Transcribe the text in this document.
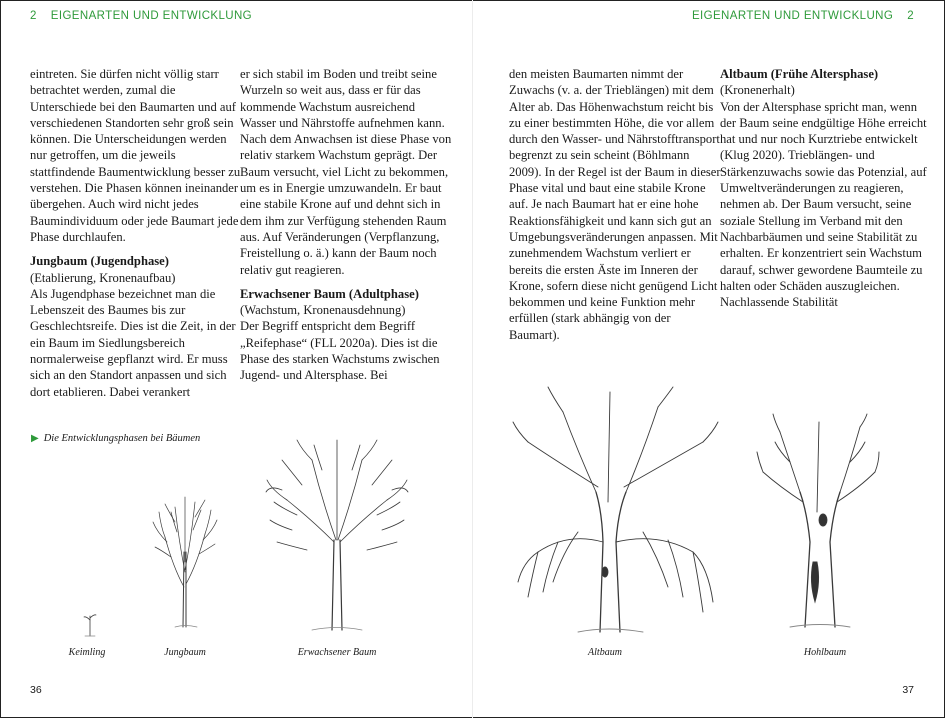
2 EIGENARTEN UND ENTWICKLUNG	EIGENARTEN UND ENTWICKLUNG 2

eintreten. Sie dürfen nicht völlig starr betrachtet werden, zumal die Unterschiede bei den Baumarten und auf verschiedenen Standorten sehr groß sein können. Die Unterscheidungen werden nur getroffen, um die jeweils stattfindende Baumentwicklung besser zu verstehen. Die Phasen können ineinander übergehen. Auch wird nicht jedes Baumindividuum oder jede Baumart jede Phase durchlaufen.

Jungbaum (Jugendphase)

(Etablierung, Kronenaufbau)

Als Jugendphase bezeichnet man die Lebenszeit des Baumes bis zur Geschlechtsreife. Dies ist die Zeit, in der ein Baum im Siedlungsbereich normalerweise gepflanzt wird. Er muss sich an den Standort anpassen und sich dort etablieren. Dabei verankert

er sich stabil im Boden und treibt seine Wurzeln so weit aus, dass er für das kommende Wachstum ausreichend Wasser und Nährstoffe aufnehmen kann. Nach dem Anwachsen ist diese Phase von relativ starkem Wachstum geprägt. Der Baum versucht, viel Licht zu bekommen, um es in Energie umzuwandeln. Er baut eine stabile Krone auf und dehnt sich in dem ihm zur Verfügung stehenden Raum aus. Auf Veränderungen (Verpflanzung, Freistellung o. ä.) kann der Baum noch relativ gut reagieren.

Erwachsener Baum (Adultphase)

(Wachstum, Kronenausdehnung)

Der Begriff entspricht dem Begriff „Reifephase“ (FLL 2020a). Dies ist die Phase des starken Wachstums zwischen Jugend- und Altersphase. Bei

den meisten Baumarten nimmt der Zuwachs (v. a. der Trieblängen) mit dem Alter ab. Das Höhenwachstum reicht bis zu einer bestimmten Höhe, die vor allem durch den Wasser- und Nährstofftransport begrenzt zu sein scheint (Böhlmann 2009). In der Regel ist der Baum in dieser Phase vital und baut eine stabile Krone auf. Je nach Baumart hat er eine hohe Reaktionsfähigkeit und kann sich gut an Umgebungsveränderungen anpassen. Mit zunehmendem Wachstum verliert er bereits die ersten Äste im Inneren der Krone, sofern diese nicht genügend Licht bekommen und keine Funktion mehr erfüllen (stark abhängig von der Baumart).

Altbaum (Frühe Altersphase)

(Kronenerhalt)

Von der Altersphase spricht man, wenn der Baum seine endgültige Höhe erreicht hat und nur noch Kurztriebe entwickelt (Klug 2020). Trieblängen- und Stärkenzuwachs sowie das Potenzial, auf Umweltveränderungen zu reagieren, nehmen ab. Der Baum versucht, seine soziale Stellung im Verband mit den Nachbarbäumen und seine Stabilität zu erhalten. Er konzentriert sein Wachstum darauf, schwer gewordene Baumteile zu halten oder Schäden auszugleichen. Nachlassende Stabilität

▶ Die Entwicklungsphasen bei Bäumen
Keimling	Jungbaum	Erwachsener Baum	Altbaum	Hohlbaum
36	37
